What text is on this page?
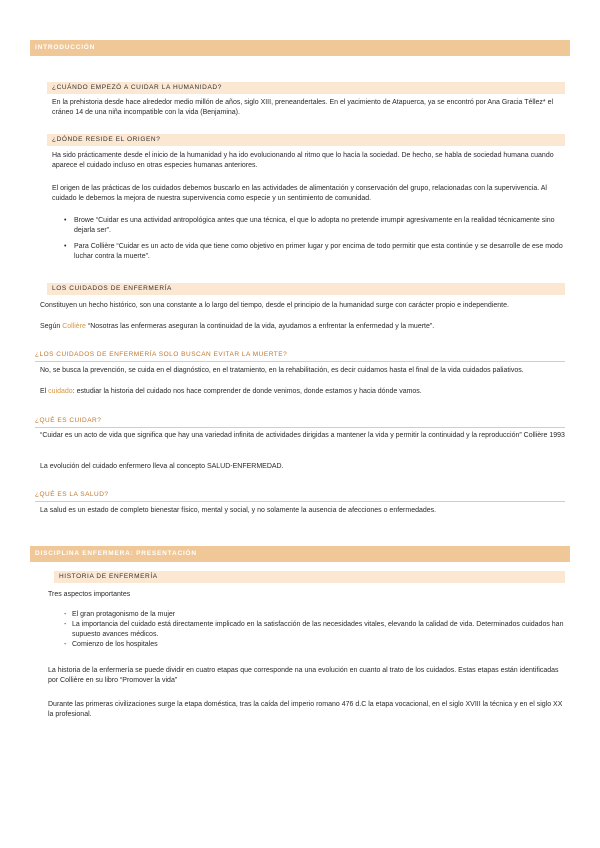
INTRODUCCIÓN
¿CUÁNDO EMPEZÓ A CUIDAR LA HUMANIDAD?
En la prehistoria desde hace alrededor medio millón de años, siglo XIII, preneandertales. En el yacimiento de Atapuerca, ya se encontró por Ana Gracia Téllez* el cráneo 14 de una niña incompatible con la vida (Benjamina).
¿DÓNDE RESIDE EL ORIGEN?
Ha sido prácticamente desde el inicio de la humanidad y ha ido evolucionando al ritmo que lo hacía la sociedad. De hecho, se habla de sociedad humana cuando aparece el cuidado incluso en otras especies humanas anteriores.
El origen de las prácticas de los cuidados debemos buscarlo en las actividades de alimentación y conservación del grupo, relacionadas con la supervivencia. Al cuidado le debemos la mejora de nuestra supervivencia como especie y un sentimiento de comunidad.
• Browe “Cuidar es una actividad antropológica antes que una técnica, el que lo adopta no pretende irrumpir agresivamente en la realidad técnicamente sino dejarla ser”.
• Para Collière “Cuidar es un acto de vida que tiene como objetivo en primer lugar y por encima de todo permitir que esta continúe y se desarrolle de ese modo luchar contra la muerte”.
LOS CUIDADOS DE ENFERMERÍA
Constituyen un hecho histórico, son una constante a lo largo del tiempo, desde el principio de la humanidad surge con carácter propio e independiente.
Según Collière “Nosotras las enfermeras aseguran la continuidad de la vida, ayudamos a enfrentar la enfermedad y la muerte”.
¿LOS CUIDADOS DE ENFERMERÍA SOLO BUSCAN EVITAR LA MUERTE?
No, se busca la prevención, se cuida en el diagnóstico, en el tratamiento, en la rehabilitación, es decir cuidamos hasta el final de la vida cuidados paliativos.
El cuidado: estudiar la historia del cuidado nos hace comprender de donde venimos, donde estamos y hacia dónde vamos.
¿QUÉ ES CUIDAR?
“Cuidar es un acto de vida que significa que hay una variedad infinita de actividades dirigidas a mantener la vida y permitir la continuidad y la reproducción” Collière 1993
La evolución del cuidado enfermero lleva al concepto SALUD-ENFERMEDAD.
¿QUÉ ES LA SALUD?
La salud es un estado de completo bienestar físico, mental y social, y no solamente la ausencia de afecciones o enfermedades.
DISCIPLINA ENFERMERA: PRESENTACIÓN
HISTORIA DE ENFERMERÍA
Tres aspectos importantes
- El gran protagonismo de la mujer
- La importancia del cuidado está directamente implicado en la satisfacción de las necesidades vitales, elevando la calidad de vida. Determinados cuidados han supuesto avances médicos.
- Comienzo de los hospitales
La historia de la enfermería se puede dividir en cuatro etapas que corresponde na una evolución en cuanto al trato de los cuidados. Estas etapas están identificadas por Collière en su libro “Promover la vida”
Durante las primeras civilizaciones surge la etapa doméstica, tras la caída del imperio romano 476 d.C la etapa vocacional, en el siglo XVIII la técnica y en el siglo XX la profesional.
